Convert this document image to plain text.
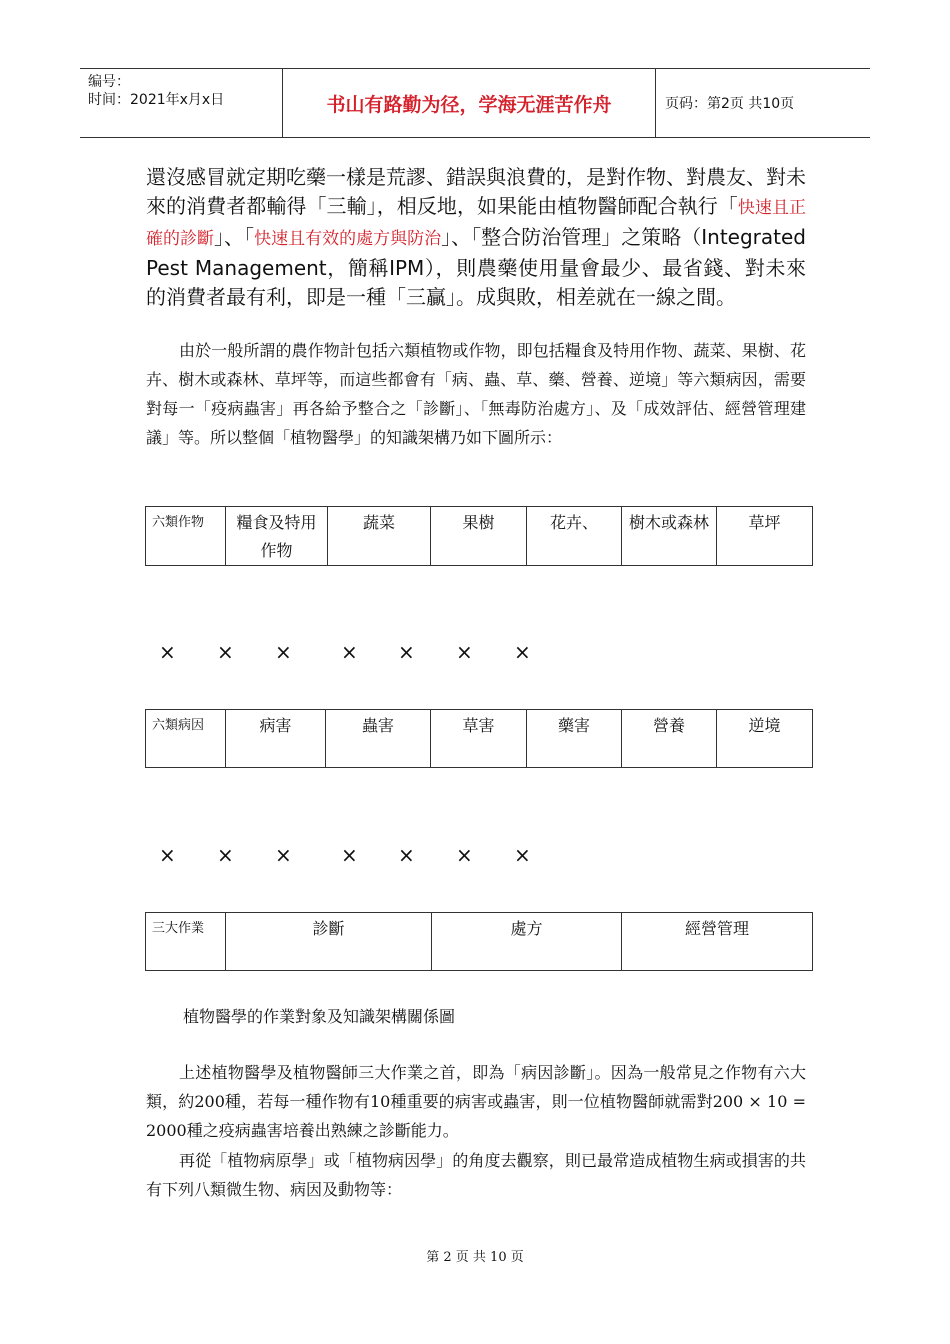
编号：
时间：2021年x月x日	书山有路勤为径，学海无涯苦作舟	页码：第2页 共10页

還沒感冒就定期吃藥一樣是荒謬、錯誤與浪費的，是對作物、對農友、對未來的消費者都輸得「三輸」，相反地，如果能由植物醫師配合執行「快速且正確的診斷」、「快速且有效的處方與防治」、「整合防治管理」之策略（Integrated Pest Management，簡稱IPM），則農藥使用量會最少、最省錢、對未來的消費者最有利，即是一種「三贏」。成與敗，相差就在一線之間。

由於一般所謂的農作物計包括六類植物或作物，即包括糧食及特用作物、蔬菜、果樹、花卉、樹木或森林、草坪等，而這些都會有「病、蟲、草、藥、營養、逆境」等六類病因，需要對每一「疫病蟲害」再各給予整合之「診斷」、「無毒防治處方」、及「成效評估、經營管理建議」等。所以整個「植物醫學」的知識架構乃如下圖所示：

六類作物	糧食及特用作物	蔬菜	果樹	花卉、	樹木或森林	草坪
× × × × × × ×
六類病因	病害	蟲害	草害	藥害	營養	逆境
× × × × × × ×
三大作業	診斷	處方	經營管理
植物醫學的作業對象及知識架構關係圖

上述植物醫學及植物醫師三大作業之首，即為「病因診斷」。因為一般常見之作物有六大類，約200種，若每一種作物有10種重要的病害或蟲害，則一位植物醫師就需對200 × 10 = 2000種之疫病蟲害培養出熟練之診斷能力。

再從「植物病原學」或「植物病因學」的角度去觀察，則已最常造成植物生病或損害的共有下列八類微生物、病因及動物等：

第 2 页 共 10 页
